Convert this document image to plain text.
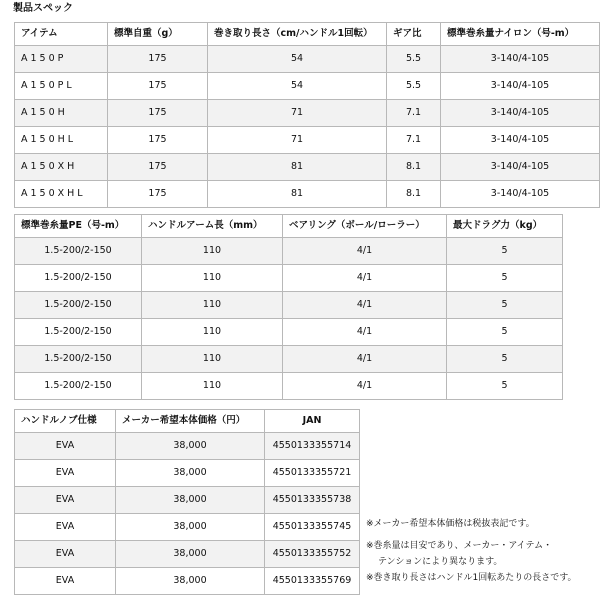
製品スペック
アイテム	標準自重（g）	巻き取り長さ（cm/ハンドル1回転）	ギア比	標準巻糸量ナイロン（号-m）
A150P	175	54	5.5	3-140/4-105
A150PL	175	54	5.5	3-140/4-105
A150H	175	71	7.1	3-140/4-105
A150HL	175	71	7.1	3-140/4-105
A150XH	175	81	8.1	3-140/4-105
A150XHL	175	81	8.1	3-140/4-105
標準巻糸量PE（号-m）	ハンドルアーム長（mm）	ベアリング（ボール/ローラー）	最大ドラグ力（kg）
1.5-200/2-150	110	4/1	5
1.5-200/2-150	110	4/1	5
1.5-200/2-150	110	4/1	5
1.5-200/2-150	110	4/1	5
1.5-200/2-150	110	4/1	5
1.5-200/2-150	110	4/1	5
ハンドルノブ仕様	メーカー希望本体価格（円）	JAN
EVA	38,000	4550133355714
EVA	38,000	4550133355721
EVA	38,000	4550133355738
EVA	38,000	4550133355745
EVA	38,000	4550133355752
EVA	38,000	4550133355769
※メーカー希望本体価格は税抜表記です。
※巻糸量は目安であり、メーカー・アイテム・
テンションにより異なります。
※巻き取り長さはハンドル1回転あたりの長さです。
